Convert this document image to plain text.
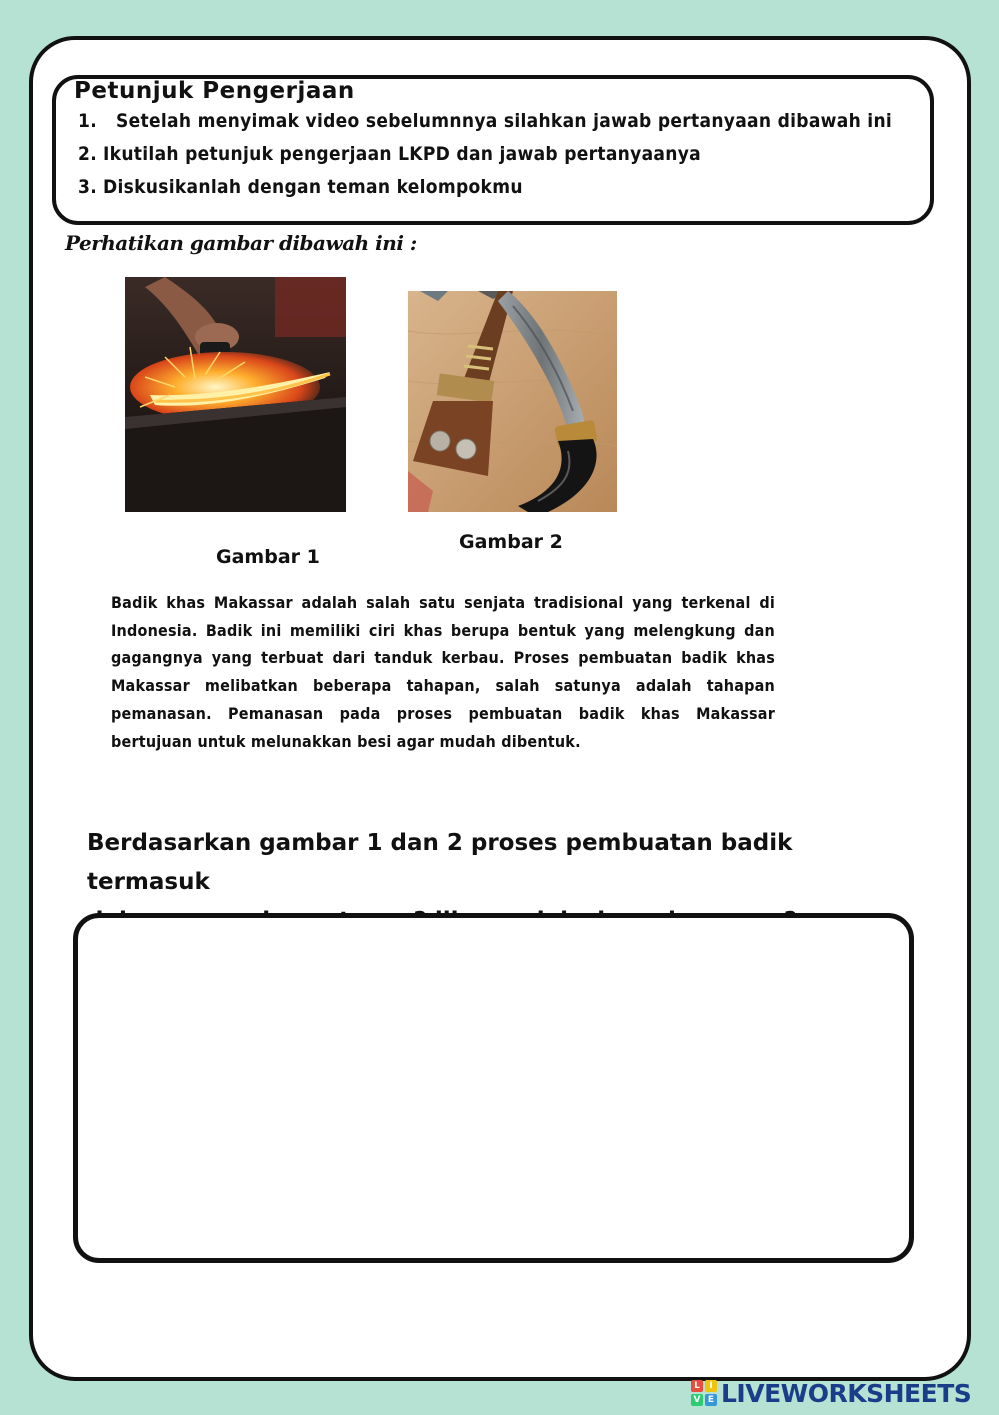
Petunjuk Pengerjaan
1. Setelah menyimak video sebelumnnya silahkan jawab pertanyaan dibawah ini
2. Ikutilah petunjuk pengerjaan LKPD dan jawab pertanyaanya
3. Diskusikanlah dengan teman kelompokmu
Perhatikan gambar dibawah ini :
Gambar 1
Gambar 2
Badik khas Makassar adalah salah satu senjata tradisional yang terkenal di Indonesia. Badik ini memiliki ciri khas berupa bentuk yang melengkung dan gagangnya yang terbuat dari tanduk kerbau. Proses pembuatan badik khas Makassar melibatkan beberapa tahapan, salah satunya adalah tahapan pemanasan. Pemanasan pada proses pembuatan badik khas Makassar bertujuan untuk melunakkan besi agar mudah dibentuk.
Berdasarkan gambar 1 dan 2 proses pembuatan badik termasuk
L	I
V E LIVEWORKSHEETS
